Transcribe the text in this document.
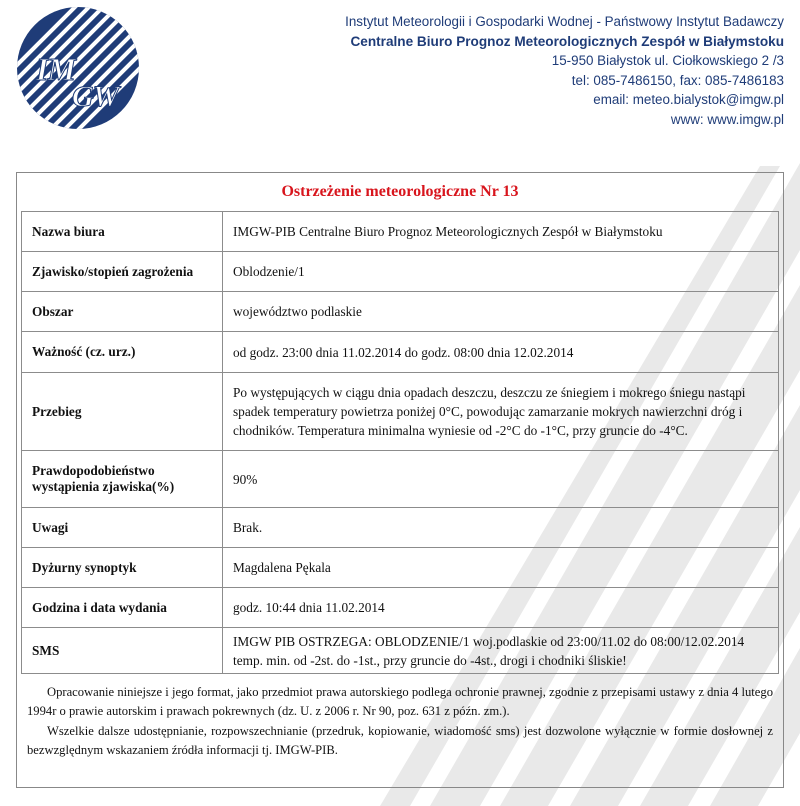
IM
GW
Instytut Meteorologii i Gospodarki Wodnej - Państwowy Instytut Badawczy
Centralne Biuro Prognoz Meteorologicznych Zespół w Białymstoku
15-950 Białystok ul. Ciołkowskiego 2 /3
tel: 085-7486150, fax: 085-7486183
email: meteo.bialystok@imgw.pl
www: www.imgw.pl
Ostrzeżenie meteorologiczne Nr 13
Nazwa biura	IMGW-PIB Centralne Biuro Prognoz Meteorologicznych Zespół w Białymstoku
Zjawisko/stopień zagrożenia	Oblodzenie/1
Obszar	województwo podlaskie
Ważność (cz. urz.)	od godz. 23:00 dnia 11.02.2014 do godz. 08:00 dnia 12.02.2014
Przebieg	Po występujących w ciągu dnia opadach deszczu, deszczu ze śniegiem i mokrego śniegu nastąpi spadek temperatury powietrza poniżej 0°C, powodując zamarzanie mokrych nawierzchni dróg i chodników. Temperatura minimalna wyniesie od -2°C do -1°C, przy gruncie do -4°C.
Prawdopodobieństwo wystąpienia zjawiska(%)	90%
Uwagi	Brak.
Dyżurny synoptyk	Magdalena Pękala
Godzina i data wydania	godz. 10:44 dnia 11.02.2014
SMS	IMGW PIB OSTRZEGA: OBLODZENIE/1 woj.podlaskie od 23:00/11.02 do 08:00/12.02.2014 temp. min. od -2st. do -1st., przy gruncie do -4st., drogi i chodniki śliskie!

Opracowanie niniejsze i jego format, jako przedmiot prawa autorskiego podlega ochronie prawnej, zgodnie z przepisami ustawy z dnia 4 lutego 1994r o prawie autorskim i prawach pokrewnych (dz. U. z 2006 r. Nr 90, poz. 631 z późn. zm.).

Wszelkie dalsze udostępnianie, rozpowszechnianie (przedruk, kopiowanie, wiadomość sms) jest dozwolone wyłącznie w formie dosłownej z bezwzględnym wskazaniem źródła informacji tj. IMGW-PIB.
